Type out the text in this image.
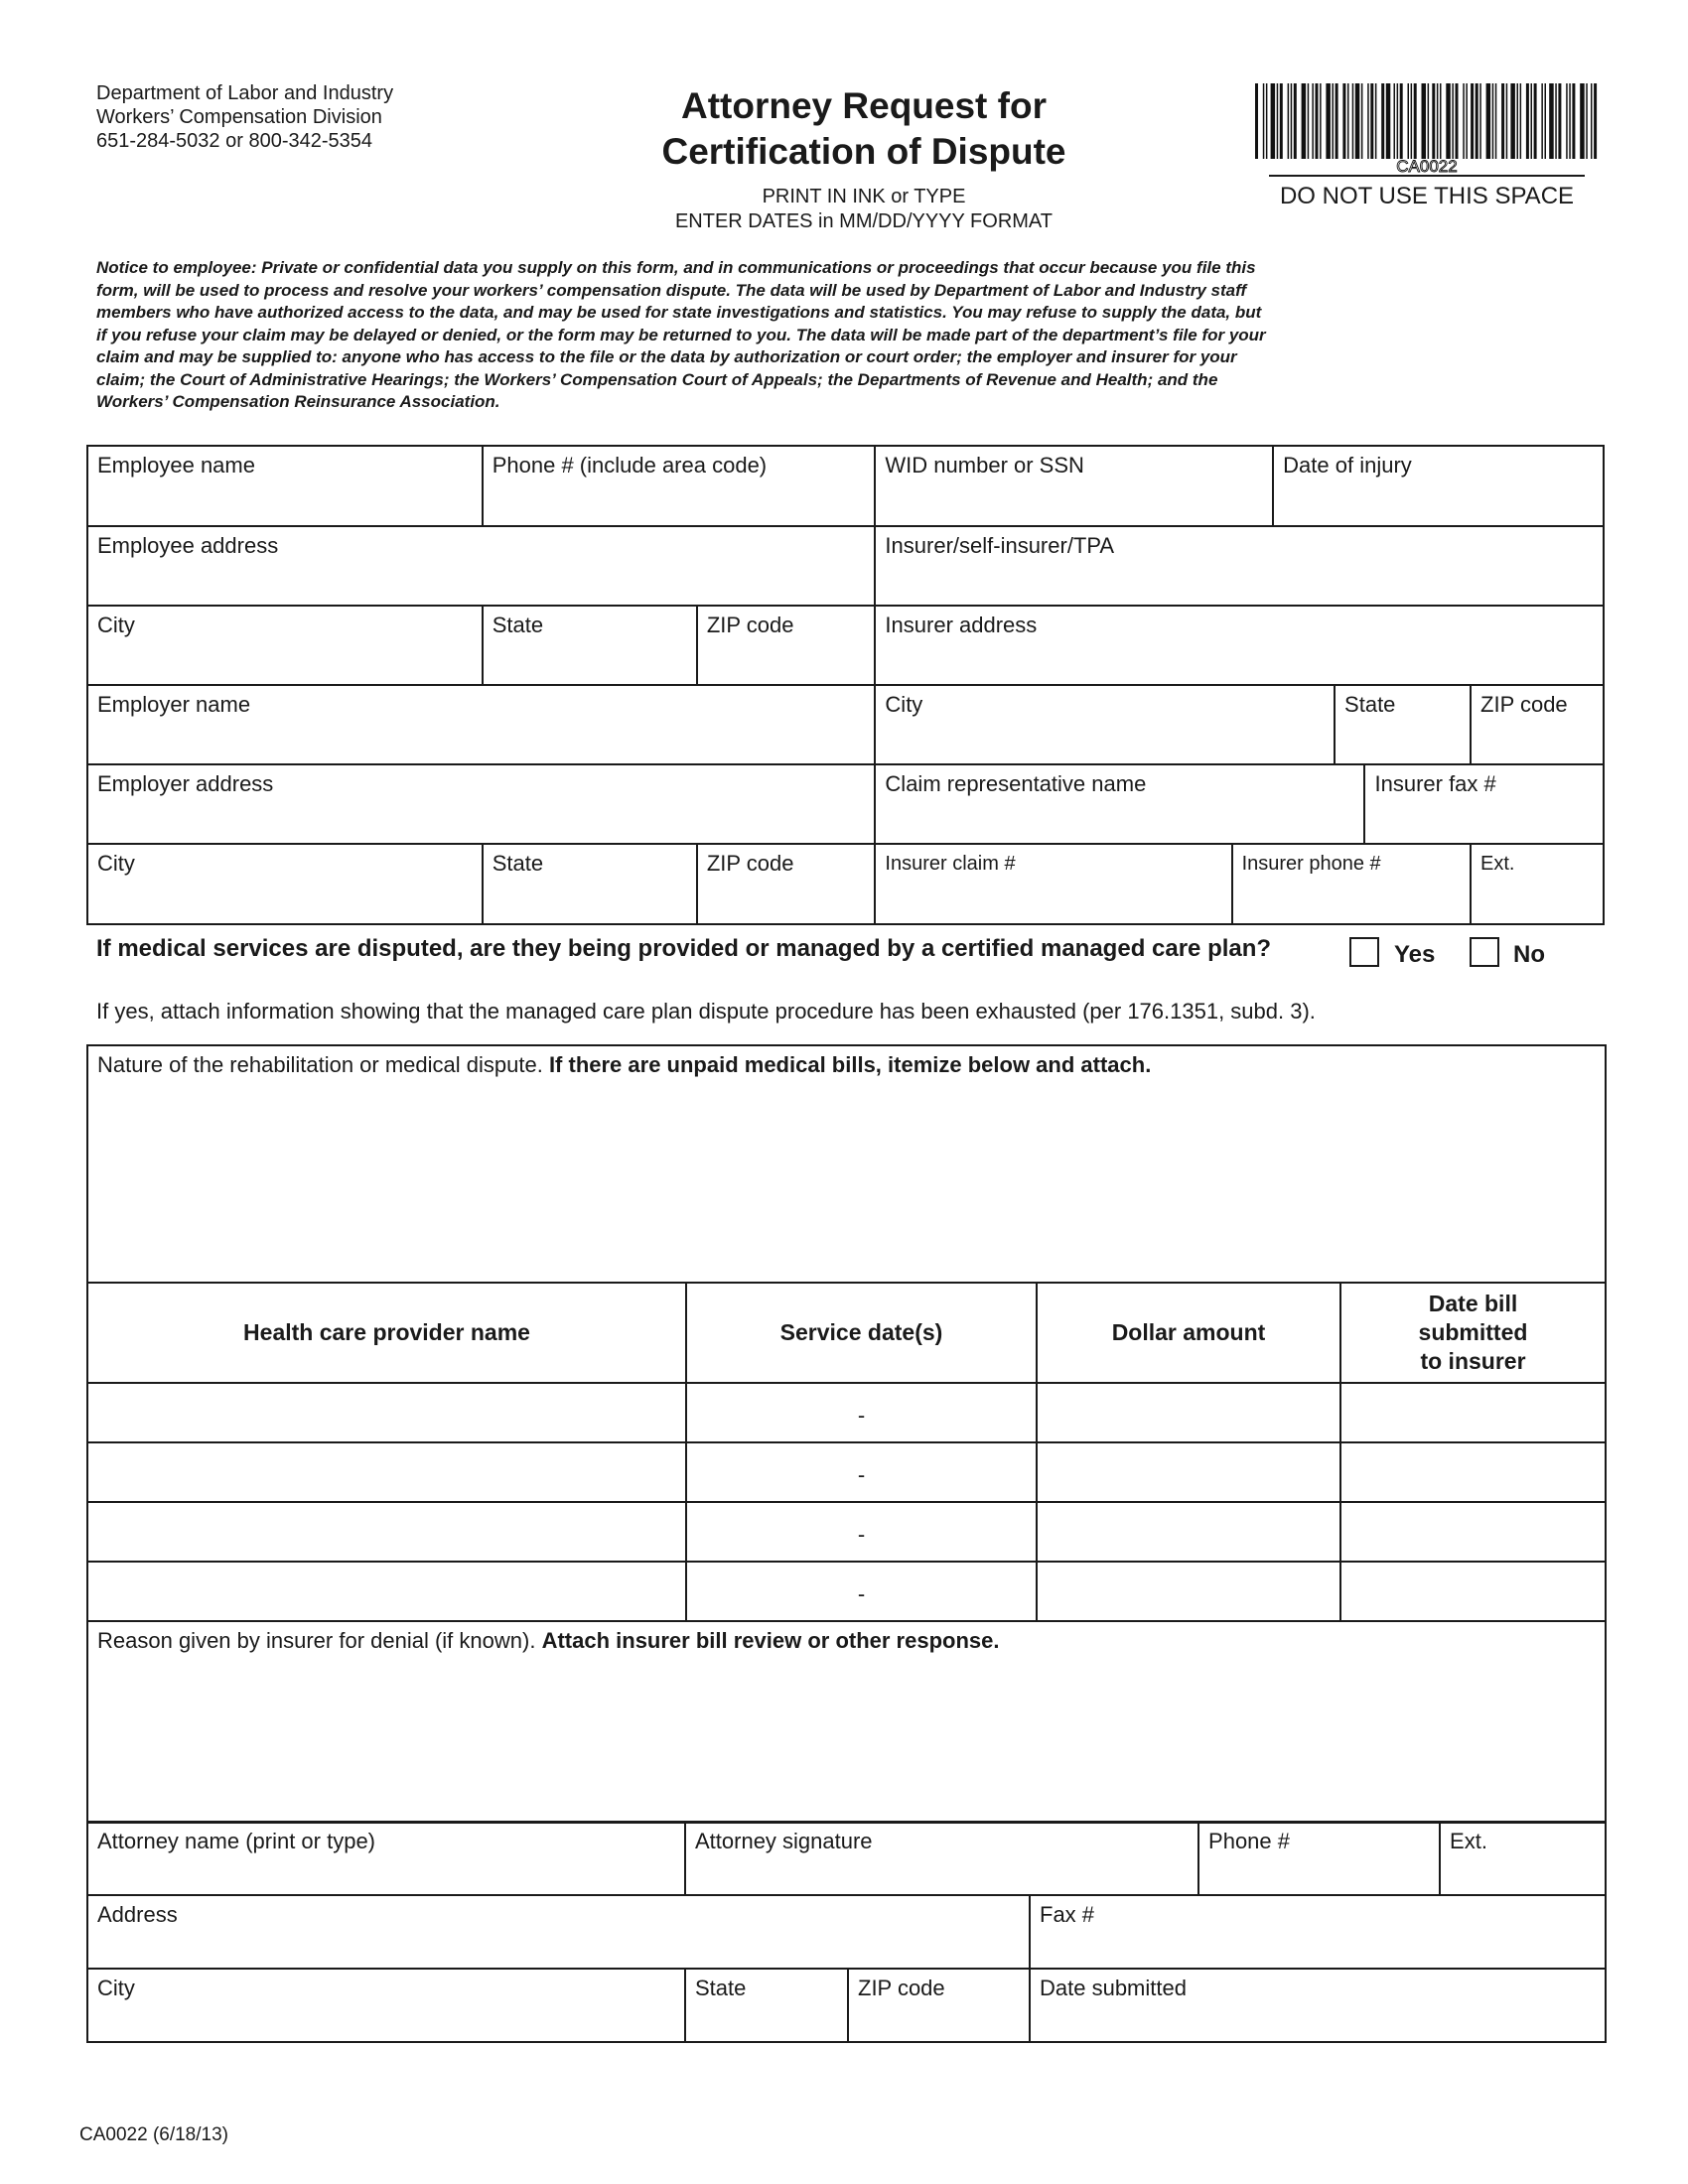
Department of Labor and Industry
Workers’ Compensation Division
651-284-5032 or 800-342-5354
Attorney Request for
Certification of Dispute
PRINT IN INK or TYPE
ENTER DATES in MM/DD/YYYY FORMAT
CA0022
DO NOT USE THIS SPACE

Notice to employee: Private or confidential data you supply on this form, and in communications or proceedings that occur because you file this form, will be used to process and resolve your workers’ compensation dispute. The data will be used by Department of Labor and Industry staff members who have authorized access to the data, and may be used for state investigations and statistics. You may refuse to supply the data, but if you refuse your claim may be delayed or denied, or the form may be returned to you. The data will be made part of the department’s file for your claim and may be supplied to: anyone who has access to the file or the data by authorization or court order; the employer and insurer for your claim; the Court of Administrative Hearings; the Workers’ Compensation Court of Appeals; the Departments of Revenue and Health; and the Workers’ Compensation Reinsurance Association.

Employee name	Phone # (include area code)		WID number or SSN		Date of injury			
Employee address			Insurer/self-insurer/TPA					
City	State	ZIP code	Insurer address					
Employer name			City			State		ZIP code
Employer address			Claim representative name				Insurer fax #	
City	State	ZIP code	Insurer claim #	Insurer phone #				Ext.
If medical services are disputed, are they being provided or managed by a certified managed care plan?	Yes	No
If yes, attach information showing that the managed care plan dispute procedure has been exhausted (per 176.1351, subd. 3).
Nature of the rehabilitation or medical dispute. If there are unpaid medical bills, itemize below and attach.			
Health care provider name	Service date(s)	Dollar amount	Date bill
submitted
to insurer

	-		
	-		
	-		
	-		
Reason given by insurer for denial (if known). Attach insurer bill review or other response.			
Attorney name (print or type)	Attorney signature			Phone #	Ext.
Address			Fax #		
City	State	ZIP code	Date submitted		
CA0022 (6/18/13)
